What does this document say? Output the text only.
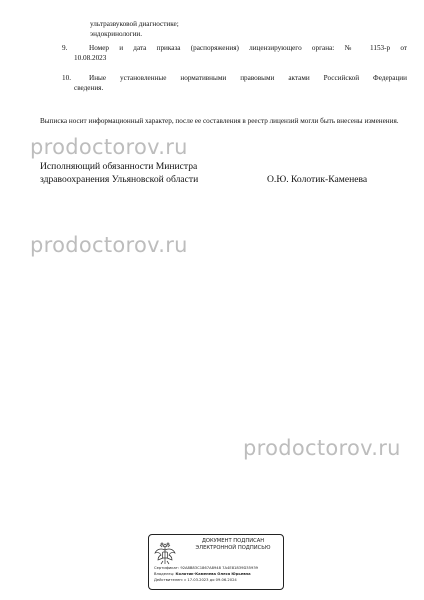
ультразвуковой диагностике;
эндокринологии.
9.	Номер и дата приказа (распоряжения) лицензирующего органа: № 1153-р от
10.08.2023
10.	Иные установленные нормативными правовыми актами Российской Федерации
сведения.
Выписка носит информационный характер, после ее составления в реестр лицензий могли быть внесены изменения.
prodoctorov.ru
Исполняющий обязанности Министра
здравоохранения Ульяновской области	О.Ю. Колотик-Каменева
prodoctorov.ru
prodoctorov.ru
ДОКУМЕНТ ПОДПИСАН
ЭЛЕКТРОННОЙ ПОДПИСЬЮ
Сертификат: 92A8B83C1867A8948 7A4E81839D35939
Владелец: Колотик-Каменева Олеся Юрьевна
Действителен: с 17.03.2023 до 09.06.2024
